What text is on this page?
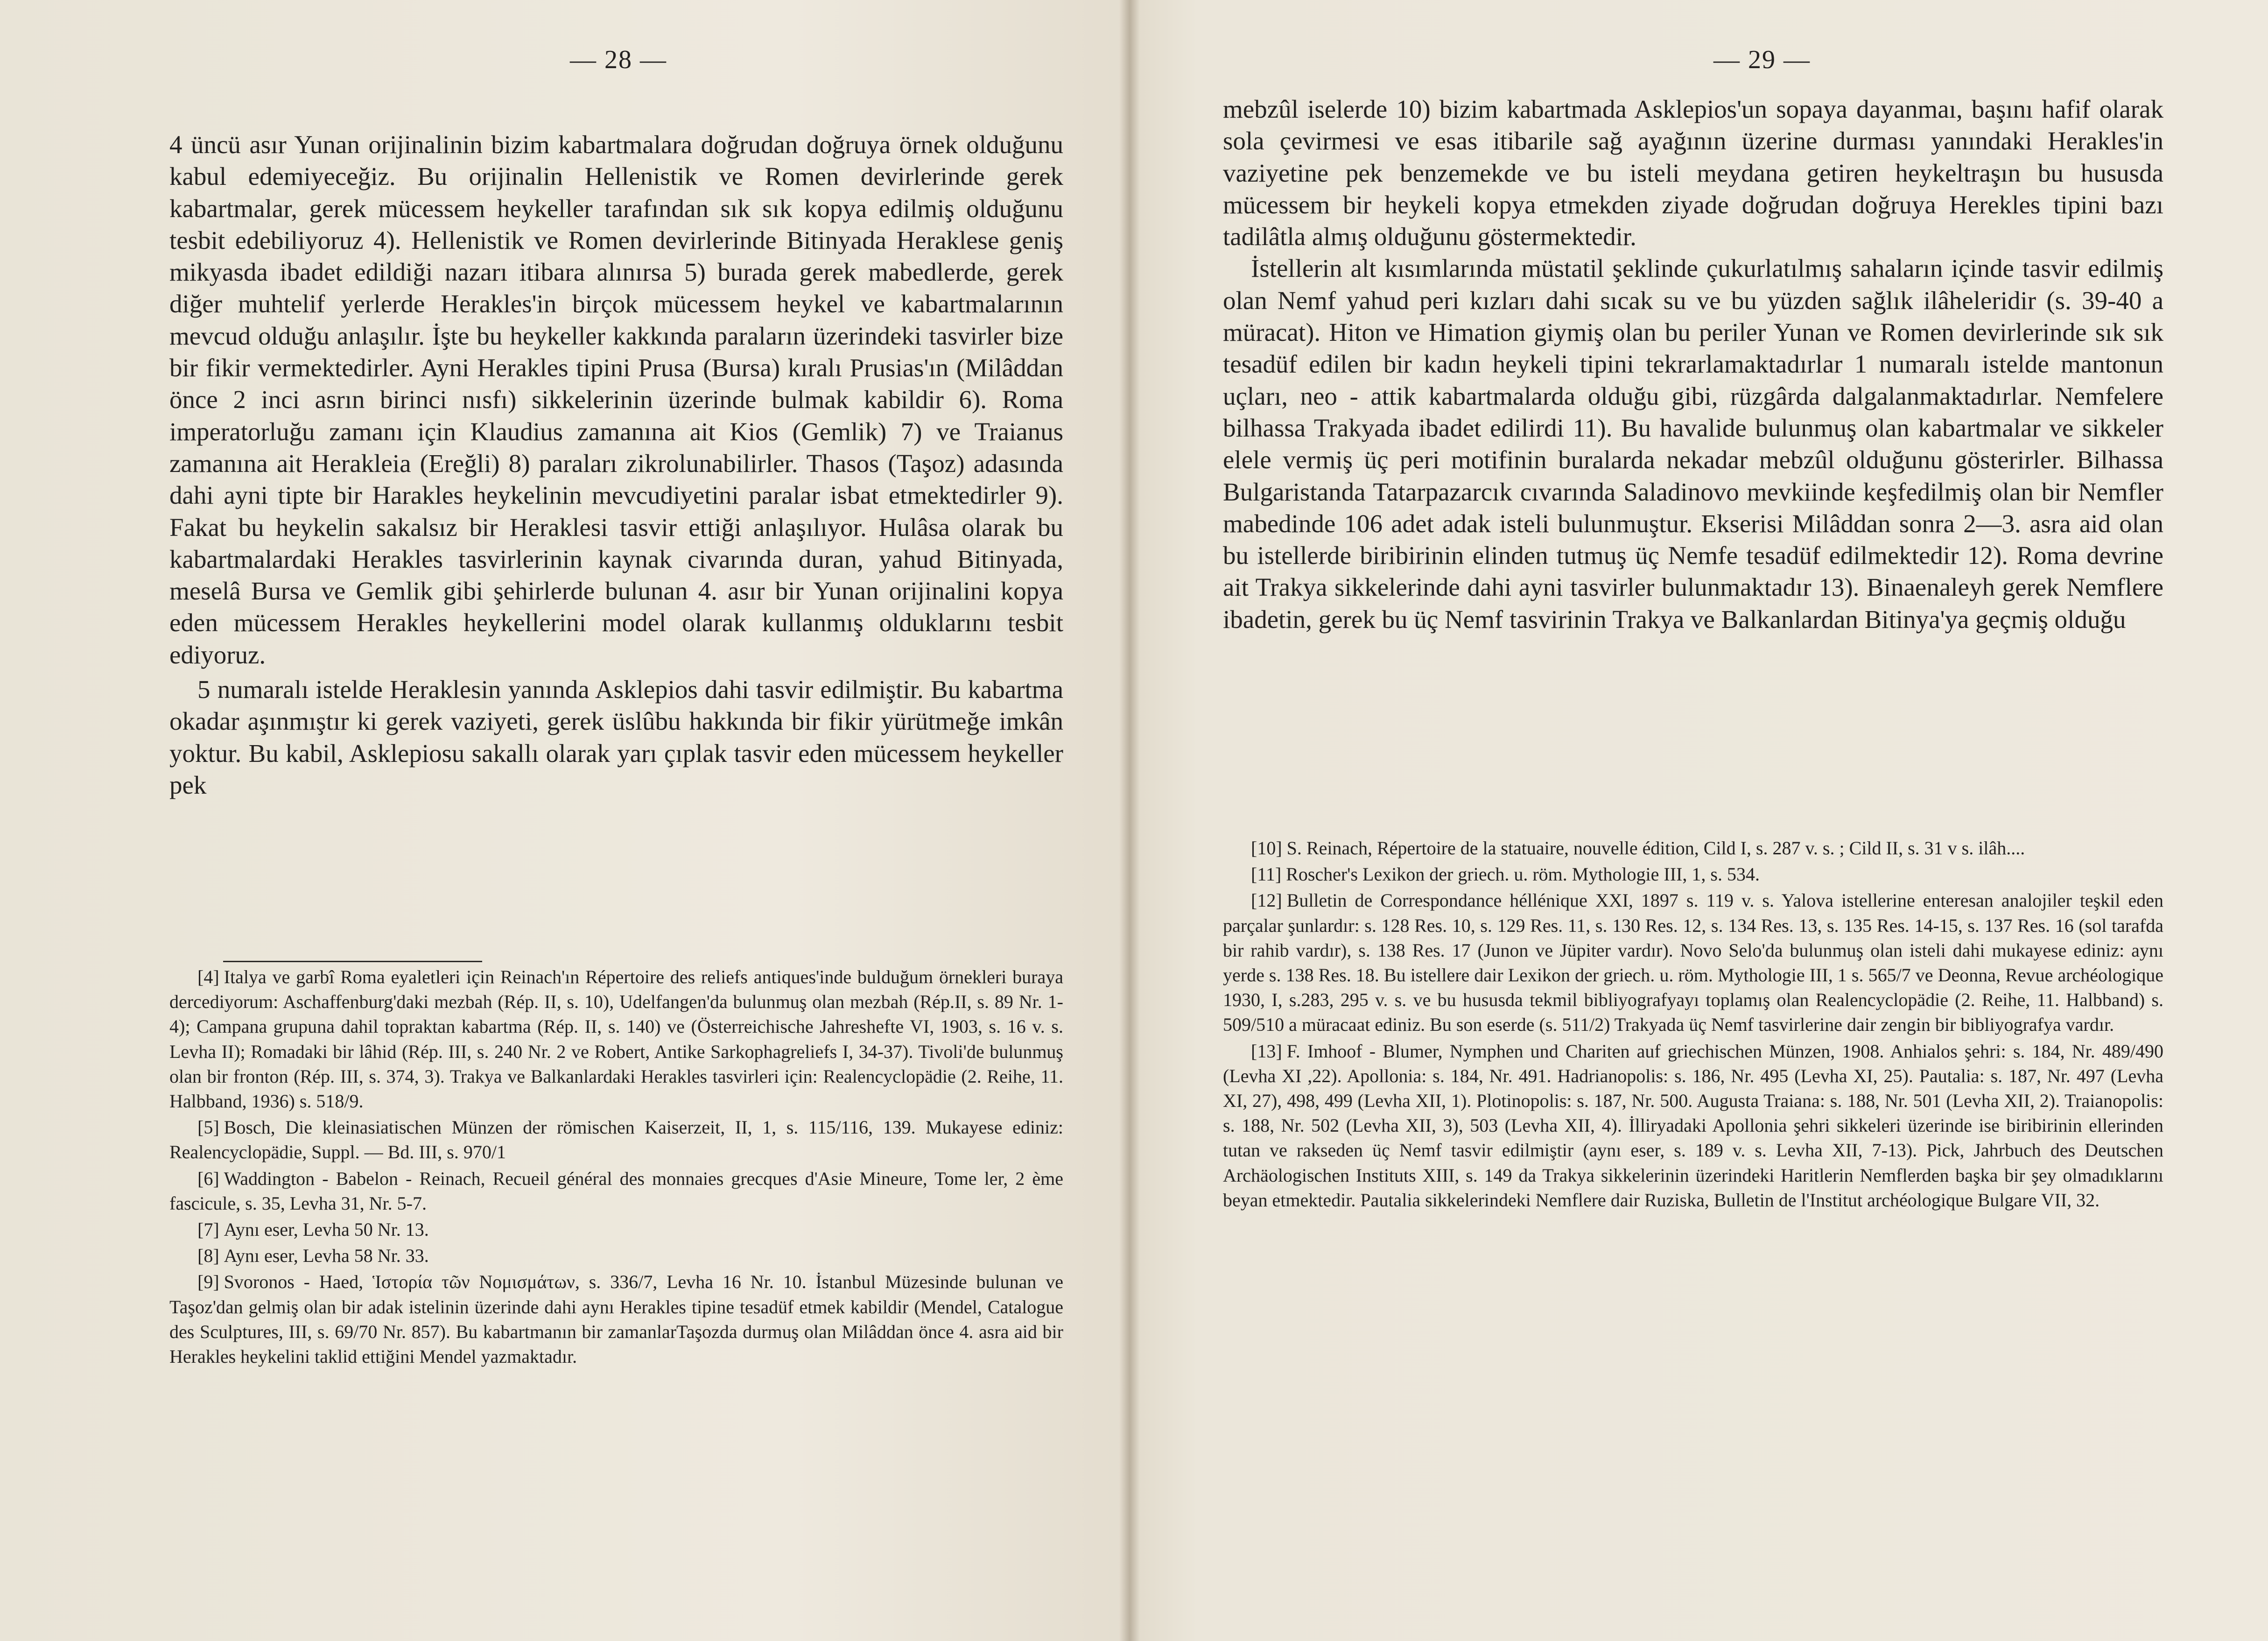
— 28 —

4 üncü asır Yunan orijinalinin bizim kabartmalara doğrudan doğruya örnek olduğunu kabul edemiyeceğiz. Bu orijinalin Hellenistik ve Romen devirlerinde gerek kabartmalar, gerek mücessem heykeller tarafından sık sık kopya edilmiş olduğunu tesbit edebiliyoruz 4). Hellenistik ve Romen devirlerinde Bitinyada Heraklese geniş mikyasda ibadet edildiği nazarı itibara alınırsa 5) burada gerek mabedlerde, gerek diğer muhtelif yerlerde Herakles'in birçok mücessem heykel ve kabartmalarının mevcud olduğu anlaşılır. İşte bu heykeller kakkında paraların üzerindeki tasvirler bize bir fikir vermektedirler. Ayni Herakles tipini Prusa (Bursa) kıralı Prusias'ın (Milâddan önce 2 inci asrın birinci nısfı) sikkelerinin üzerinde bulmak kabildir 6). Roma imperatorluğu zamanı için Klaudius zamanına ait Kios (Gemlik) 7) ve Traianus zamanına ait Herakleia (Ereğli) 8) paraları zikrolunabilirler. Thasos (Taşoz) adasında dahi ayni tipte bir Harakles heykelinin mevcudiyetini paralar isbat etmektedirler 9). Fakat bu heykelin sakalsız bir Heraklesi tasvir ettiği anlaşılıyor. Hulâsa olarak bu kabartmalardaki Herakles tasvirlerinin kaynak civarında duran, yahud Bitinyada, meselâ Bursa ve Gemlik gibi şehirlerde bulunan 4. asır bir Yunan orijinalini kopya eden mücessem Herakles heykellerini model olarak kullanmış olduklarını tesbit ediyoruz.

5 numaralı istelde Heraklesin yanında Asklepios dahi tasvir edilmiştir. Bu kabartma okadar aşınmıştır ki gerek vaziyeti, gerek üslûbu hakkında bir fikir yürütmeğe imkân yoktur. Bu kabil, Asklepiosu sakallı olarak yarı çıplak tasvir eden mücessem heykeller pek

[4] Italya ve garbî Roma eyaletleri için Reinach'ın Répertoire des reliefs antiques'inde bulduğum örnekleri buraya dercediyorum: Aschaffenburg'daki mezbah (Rép. II, s. 10), Udelfangen'da bulunmuş olan mezbah (Rép.II, s. 89 Nr. 1-4); Campana grupuna dahil topraktan kabartma (Rép. II, s. 140) ve (Österreichische Jahreshefte VI, 1903, s. 16 v. s. Levha II); Romadaki bir lâhid (Rép. III, s. 240 Nr. 2 ve Robert, Antike Sarkophagreliefs I, 34-37). Tivoli'de bulunmuş olan bir fronton (Rép. III, s. 374, 3). Trakya ve Balkanlardaki Herakles tasvirleri için: Realencyclopädie (2. Reihe, 11. Halbband, 1936) s. 518/9.

[5] Bosch, Die kleinasiatischen Münzen der römischen Kaiserzeit, II, 1, s. 115/116, 139. Mukayese ediniz: Realencyclopädie, Suppl. — Bd. III, s. 970/1

[6] Waddington - Babelon - Reinach, Recueil général des monnaies grecques d'Asie Mineure, Tome ler, 2 ème fascicule, s. 35, Levha 31, Nr. 5-7.

[7] Aynı eser, Levha 50 Nr. 13.

[8] Aynı eser, Levha 58 Nr. 33.

[9] Svoronos - Haed, Ἱστορία τῶν Νομισμάτων, s. 336/7, Levha 16 Nr. 10. İstanbul Müzesinde bulunan ve Taşoz'dan gelmiş olan bir adak istelinin üzerinde dahi aynı Herakles tipine tesadüf etmek kabildir (Mendel, Catalogue des Sculptures, III, s. 69/70 Nr. 857). Bu kabartmanın bir zamanlarTaşozda durmuş olan Milâddan önce 4. asra aid bir Herakles heykelini taklid ettiğini Mendel yazmaktadır.

— 29 —

mebzûl iselerde 10) bizim kabartmada Asklepios'un sopaya dayanmaı, başını hafif olarak sola çevirmesi ve esas itibarile sağ ayağının üzerine durması yanındaki Herakles'in vaziyetine pek benzemekde ve bu isteli meydana getiren heykeltraşın bu hususda mücessem bir heykeli kopya etmekden ziyade doğrudan doğruya Herekles tipini bazı tadilâtla almış olduğunu göstermektedir.

İstellerin alt kısımlarında müstatil şeklinde çukurlatılmış sahaların içinde tasvir edilmiş olan Nemf yahud peri kızları dahi sıcak su ve bu yüzden sağlık ilâheleridir (s. 39-40 a müracat). Hiton ve Himation giymiş olan bu periler Yunan ve Romen devirlerinde sık sık tesadüf edilen bir kadın heykeli tipini tekrarlamaktadırlar 1 numaralı istelde mantonun uçları, neo - attik kabartmalarda olduğu gibi, rüzgârda dalgalanmaktadırlar. Nemfelere bilhassa Trakyada ibadet edilirdi 11). Bu havalide bulunmuş olan kabartmalar ve sikkeler elele vermiş üç peri motifinin buralarda nekadar mebzûl olduğunu gösterirler. Bilhassa Bulgaristanda Tatarpazarcık cıvarında Saladinovo mevkiinde keşfedilmiş olan bir Nemfler mabedinde 106 adet adak isteli bulunmuştur. Ekserisi Milâddan sonra 2—3. asra aid olan bu istellerde biribirinin elinden tutmuş üç Nemfe tesadüf edilmektedir 12). Roma devrine ait Trakya sikkelerinde dahi ayni tasvirler bulunmaktadır 13). Binaenaleyh gerek Nemflere ibadetin, gerek bu üç Nemf tasvirinin Trakya ve Balkanlardan Bitinya'ya geçmiş olduğu

[10] S. Reinach, Répertoire de la statuaire, nouvelle édition, Cild I, s. 287 v. s. ; Cild II, s. 31 v s. ilâh....

[11] Roscher's Lexikon der griech. u. röm. Mythologie III, 1, s. 534.

[12] Bulletin de Correspondance héllénique XXI, 1897 s. 119 v. s. Yalova istellerine enteresan analojiler teşkil eden parçalar şunlardır: s. 128 Res. 10, s. 129 Res. 11, s. 130 Res. 12, s. 134 Res. 13, s. 135 Res. 14-15, s. 137 Res. 16 (sol tarafda bir rahib vardır), s. 138 Res. 17 (Junon ve Jüpiter vardır). Novo Selo'da bulunmuş olan isteli dahi mukayese ediniz: aynı yerde s. 138 Res. 18. Bu istellere dair Lexikon der griech. u. röm. Mythologie III, 1 s. 565/7 ve Deonna, Revue archéologique 1930, I, s.283, 295 v. s. ve bu hususda tekmil bibliyografyayı toplamış olan Realencyclopädie (2. Reihe, 11. Halbband) s. 509/510 a müracaat ediniz. Bu son eserde (s. 511/2) Trakyada üç Nemf tasvirlerine dair zengin bir bibliyografya vardır.

[13] F. Imhoof - Blumer, Nymphen und Chariten auf griechischen Münzen, 1908. Anhialos şehri: s. 184, Nr. 489/490 (Levha XI ,22). Apollonia: s. 184, Nr. 491. Hadrianopolis: s. 186, Nr. 495 (Levha XI, 25). Pautalia: s. 187, Nr. 497 (Levha XI, 27), 498, 499 (Levha XII, 1). Plotinopolis: s. 187, Nr. 500. Augusta Traiana: s. 188, Nr. 501 (Levha XII, 2). Traianopolis: s. 188, Nr. 502 (Levha XII, 3), 503 (Levha XII, 4). İlliryadaki Apollonia şehri sikkeleri üzerinde ise biribirinin ellerinden tutan ve rakseden üç Nemf tasvir edilmiştir (aynı eser, s. 189 v. s. Levha XII, 7-13). Pick, Jahrbuch des Deutschen Archäologischen Instituts XIII, s. 149 da Trakya sikkelerinin üzerindeki Haritlerin Nemflerden başka bir şey olmadıklarını beyan etmektedir. Pautalia sikkelerindeki Nemflere dair Ruziska, Bulletin de l'Institut archéologique Bulgare VII, 32.
